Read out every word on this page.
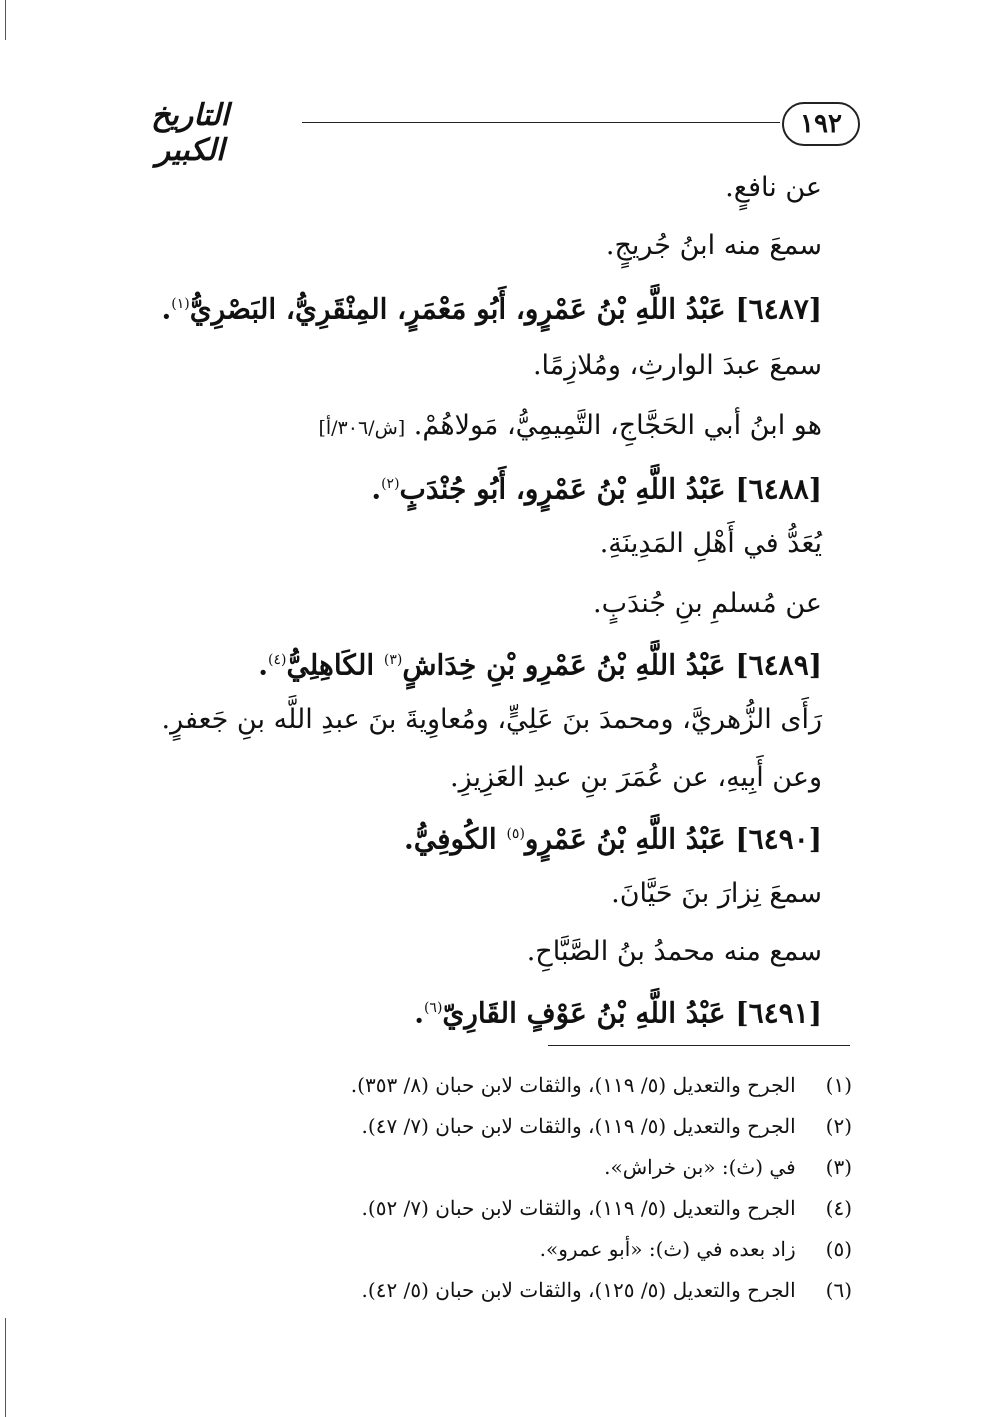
١٩٢
التاريخ الكبير
عن نافعٍ.
سمعَ منه ابنُ جُريجٍ.
[٦٤٨٧] عَبْدُ اللَّهِ بْنُ عَمْرٍو، أَبُو مَعْمَرٍ، المِنْقَرِيُّ، البَصْرِيُّ$^{(١)}$.
سمعَ عبدَ الوارثِ، ومُلازِمًا.
هو ابنُ أبي الحَجَّاجِ، التَّمِيمِيُّ، مَولاهُمْ. [ش/٣٠٦/أ]
[٦٤٨٨] عَبْدُ اللَّهِ بْنُ عَمْرٍو، أَبُو جُنْدَبٍ$^{(٢)}$.
يُعَدُّ في أَهْلِ المَدِينَةِ.
عن مُسلمِ بنِ جُندَبٍ.
[٦٤٨٩] عَبْدُ اللَّهِ بْنُ عَمْرِو بْنِ خِدَاشٍ$^{(٣)}$ الكَاهِلِيُّ$^{(٤)}$.
رَأَى الزُّهريَّ، ومحمدَ بنَ عَلِيٍّ، ومُعاوِيةَ بنَ عبدِ اللَّه بنِ جَعفرٍ.
وعن أَبِيهِ، عن عُمَرَ بنِ عبدِ العَزِيزِ.
[٦٤٩٠] عَبْدُ اللَّهِ بْنُ عَمْرٍو$^{(٥)}$ الكُوفِيُّ.
سمعَ نِزارَ بنَ حَيَّانَ.
سمع منه محمدُ بنُ الصَّبَّاحِ.
[٦٤٩١] عَبْدُ اللَّهِ بْنُ عَوْفٍ القَارِيّ$^{(٦)}$.
(١) الجرح والتعديل (٥/ ١١٩)، والثقات لابن حبان (٨/ ٣٥٣).
(٢) الجرح والتعديل (٥/ ١١٩)، والثقات لابن حبان (٧/ ٤٧).
(٣) في (ث): «بن خراش».
(٤) الجرح والتعديل (٥/ ١١٩)، والثقات لابن حبان (٧/ ٥٢).
(٥) زاد بعده في (ث): «أبو عمرو».
(٦) الجرح والتعديل (٥/ ١٢٥)، والثقات لابن حبان (٥/ ٤٢).
